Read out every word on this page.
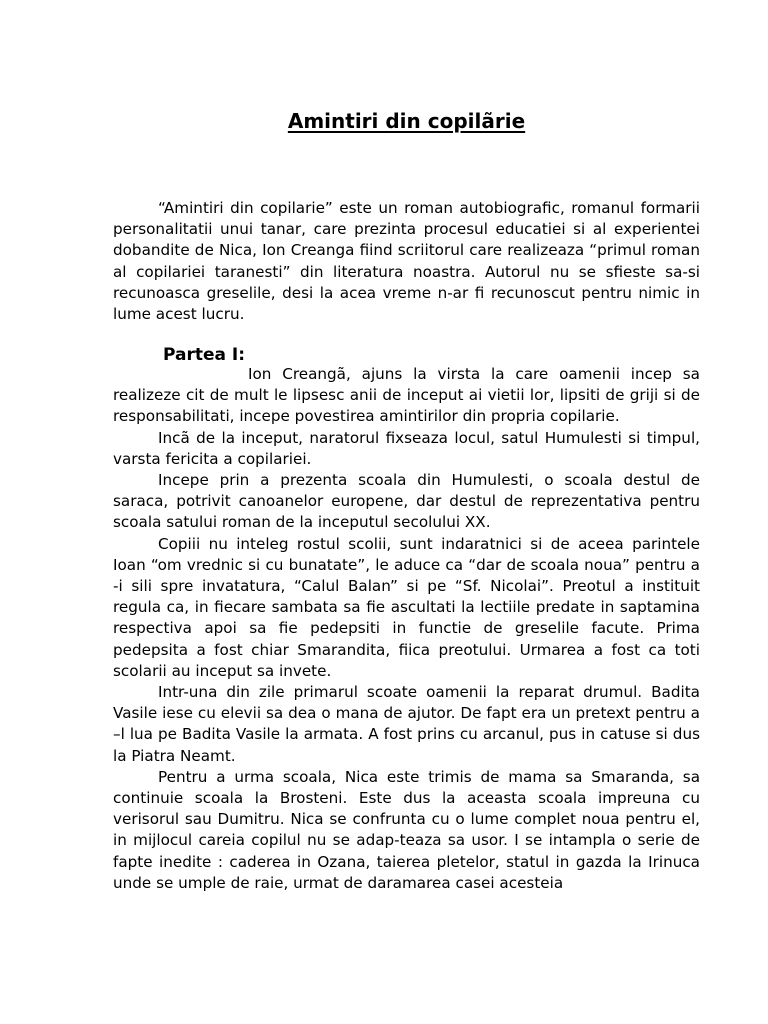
Amintiri din copilãrie

“Amintiri din copilarie” este un roman autobiografic, romanul formarii personalitatii unui tanar, care prezinta procesul educatiei si al experientei dobandite de Nica, Ion Creanga fiind scriitorul care realizeaza “primul roman al copilariei taranesti” din literatura noastra. Autorul nu se sfieste sa-si recunoasca greselile, desi la acea vreme n-ar fi recunoscut pentru nimic in lume acest lucru.

Partea I:

Ion Creangã, ajuns la virsta la care oamenii incep sa realizeze cit de mult le lipsesc anii de inceput ai vietii lor, lipsiti de griji si de responsabilitati, incepe povestirea amintirilor din propria copilarie.

Incã de la inceput, naratorul fixseaza locul, satul Humulesti si timpul, varsta fericita a copilariei.

Incepe prin a prezenta scoala din Humulesti, o scoala destul de saraca, potrivit canoanelor europene, dar destul de reprezentativa pentru scoala satului roman de la inceputul secolului XX.

Copiii nu inteleg rostul scolii, sunt indaratnici si de aceea parintele Ioan “om vrednic si cu bunatate”, le aduce ca “dar de scoala noua” pentru a -i sili spre invatatura, “Calul Balan” si pe “Sf. Nicolai”. Preotul a instituit regula ca, in fiecare sambata sa fie ascultati la lectiile predate in saptamina respectiva apoi sa fie pedepsiti in functie de greselile facute. Prima pedepsita a fost chiar Smarandita, fiica preotului. Urmarea a fost ca toti scolarii au inceput sa invete.

Intr-una din zile primarul scoate oamenii la reparat drumul. Badita Vasile iese cu elevii sa dea o mana de ajutor. De fapt era un pretext pentru a –l lua pe Badita Vasile la armata. A fost prins cu arcanul, pus in catuse si dus la Piatra Neamt.

Pentru a urma scoala, Nica este trimis de mama sa Smaranda, sa continuie scoala la Brosteni. Este dus la aceasta scoala impreuna cu verisorul sau Dumitru. Nica se confrunta cu o lume complet noua pentru el, in mijlocul careia copilul nu se adap-teaza sa usor. I se intampla o serie de fapte inedite : caderea in Ozana, taierea pletelor, statul in gazda la Irinuca unde se umple de raie, urmat de daramarea casei acesteia
